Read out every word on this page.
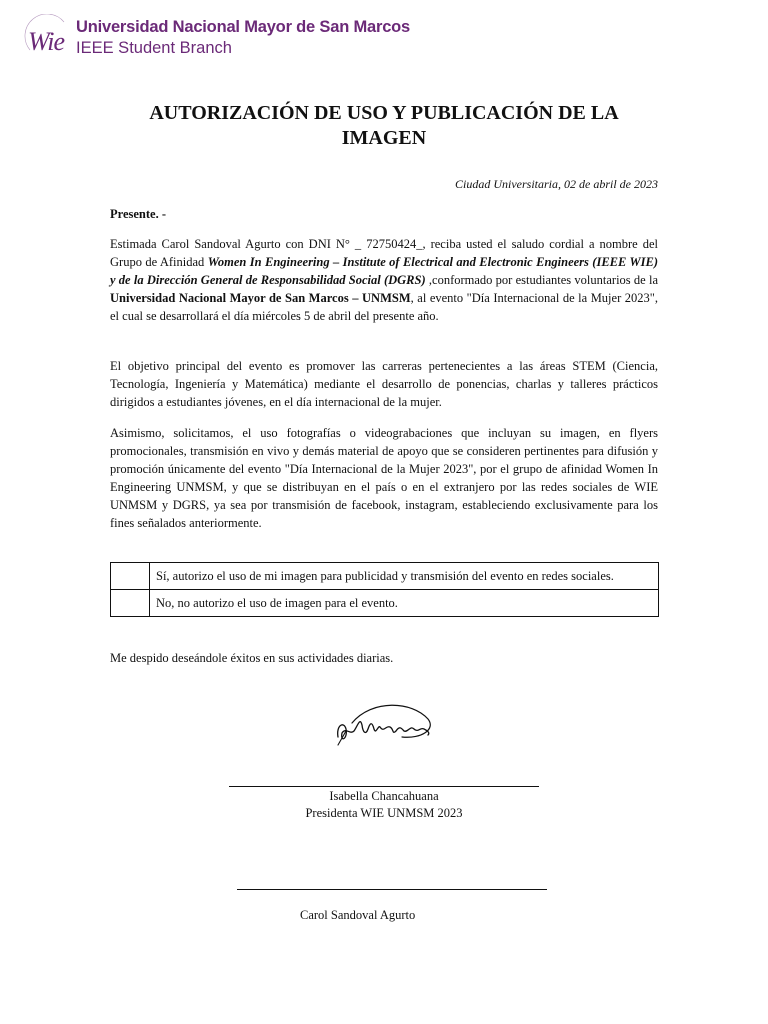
Wie Universidad Nacional Mayor de San Marcos
IEEE Student Branch
AUTORIZACIÓN DE USO Y PUBLICACIÓN DE LA IMAGEN
Ciudad Universitaria, 02 de abril de 2023
Presente. -
Estimada Carol Sandoval Agurto con DNI N° _ 72750424_, reciba usted el saludo cordial a nombre del Grupo de Afinidad Women In Engineering – Institute of Electrical and Electronic Engineers (IEEE WIE) y de la Dirección General de Responsabilidad Social (DGRS) ,conformado por estudiantes voluntarios de la Universidad Nacional Mayor de San Marcos – UNMSM, al evento "Día Internacional de la Mujer 2023", el cual se desarrollará el día miércoles 5 de abril del presente año.
El objetivo principal del evento es promover las carreras pertenecientes a las áreas STEM (Ciencia, Tecnología, Ingeniería y Matemática) mediante el desarrollo de ponencias, charlas y talleres prácticos dirigidos a estudiantes jóvenes, en el día internacional de la mujer.
Asimismo, solicitamos, el uso fotografías o videograbaciones que incluyan su imagen, en flyers promocionales, transmisión en vivo y demás material de apoyo que se consideren pertinentes para difusión y promoción únicamente del evento "Día Internacional de la Mujer 2023", por el grupo de afinidad Women In Engineering UNMSM, y que se distribuyan en el país o en el extranjero por las redes sociales de WIE UNMSM y DGRS, ya sea por transmisión de facebook, instagram, estableciendo exclusivamente para los fines señalados anteriormente.
	Sí, autorizo el uso de mi imagen para publicidad y transmisión del evento en redes sociales.
	No, no autorizo el uso de imagen para el evento.
Me despido deseándole éxitos en sus actividades diarias.
Isabella Chancahuana
Presidenta WIE UNMSM 2023
Carol Sandoval Agurto
